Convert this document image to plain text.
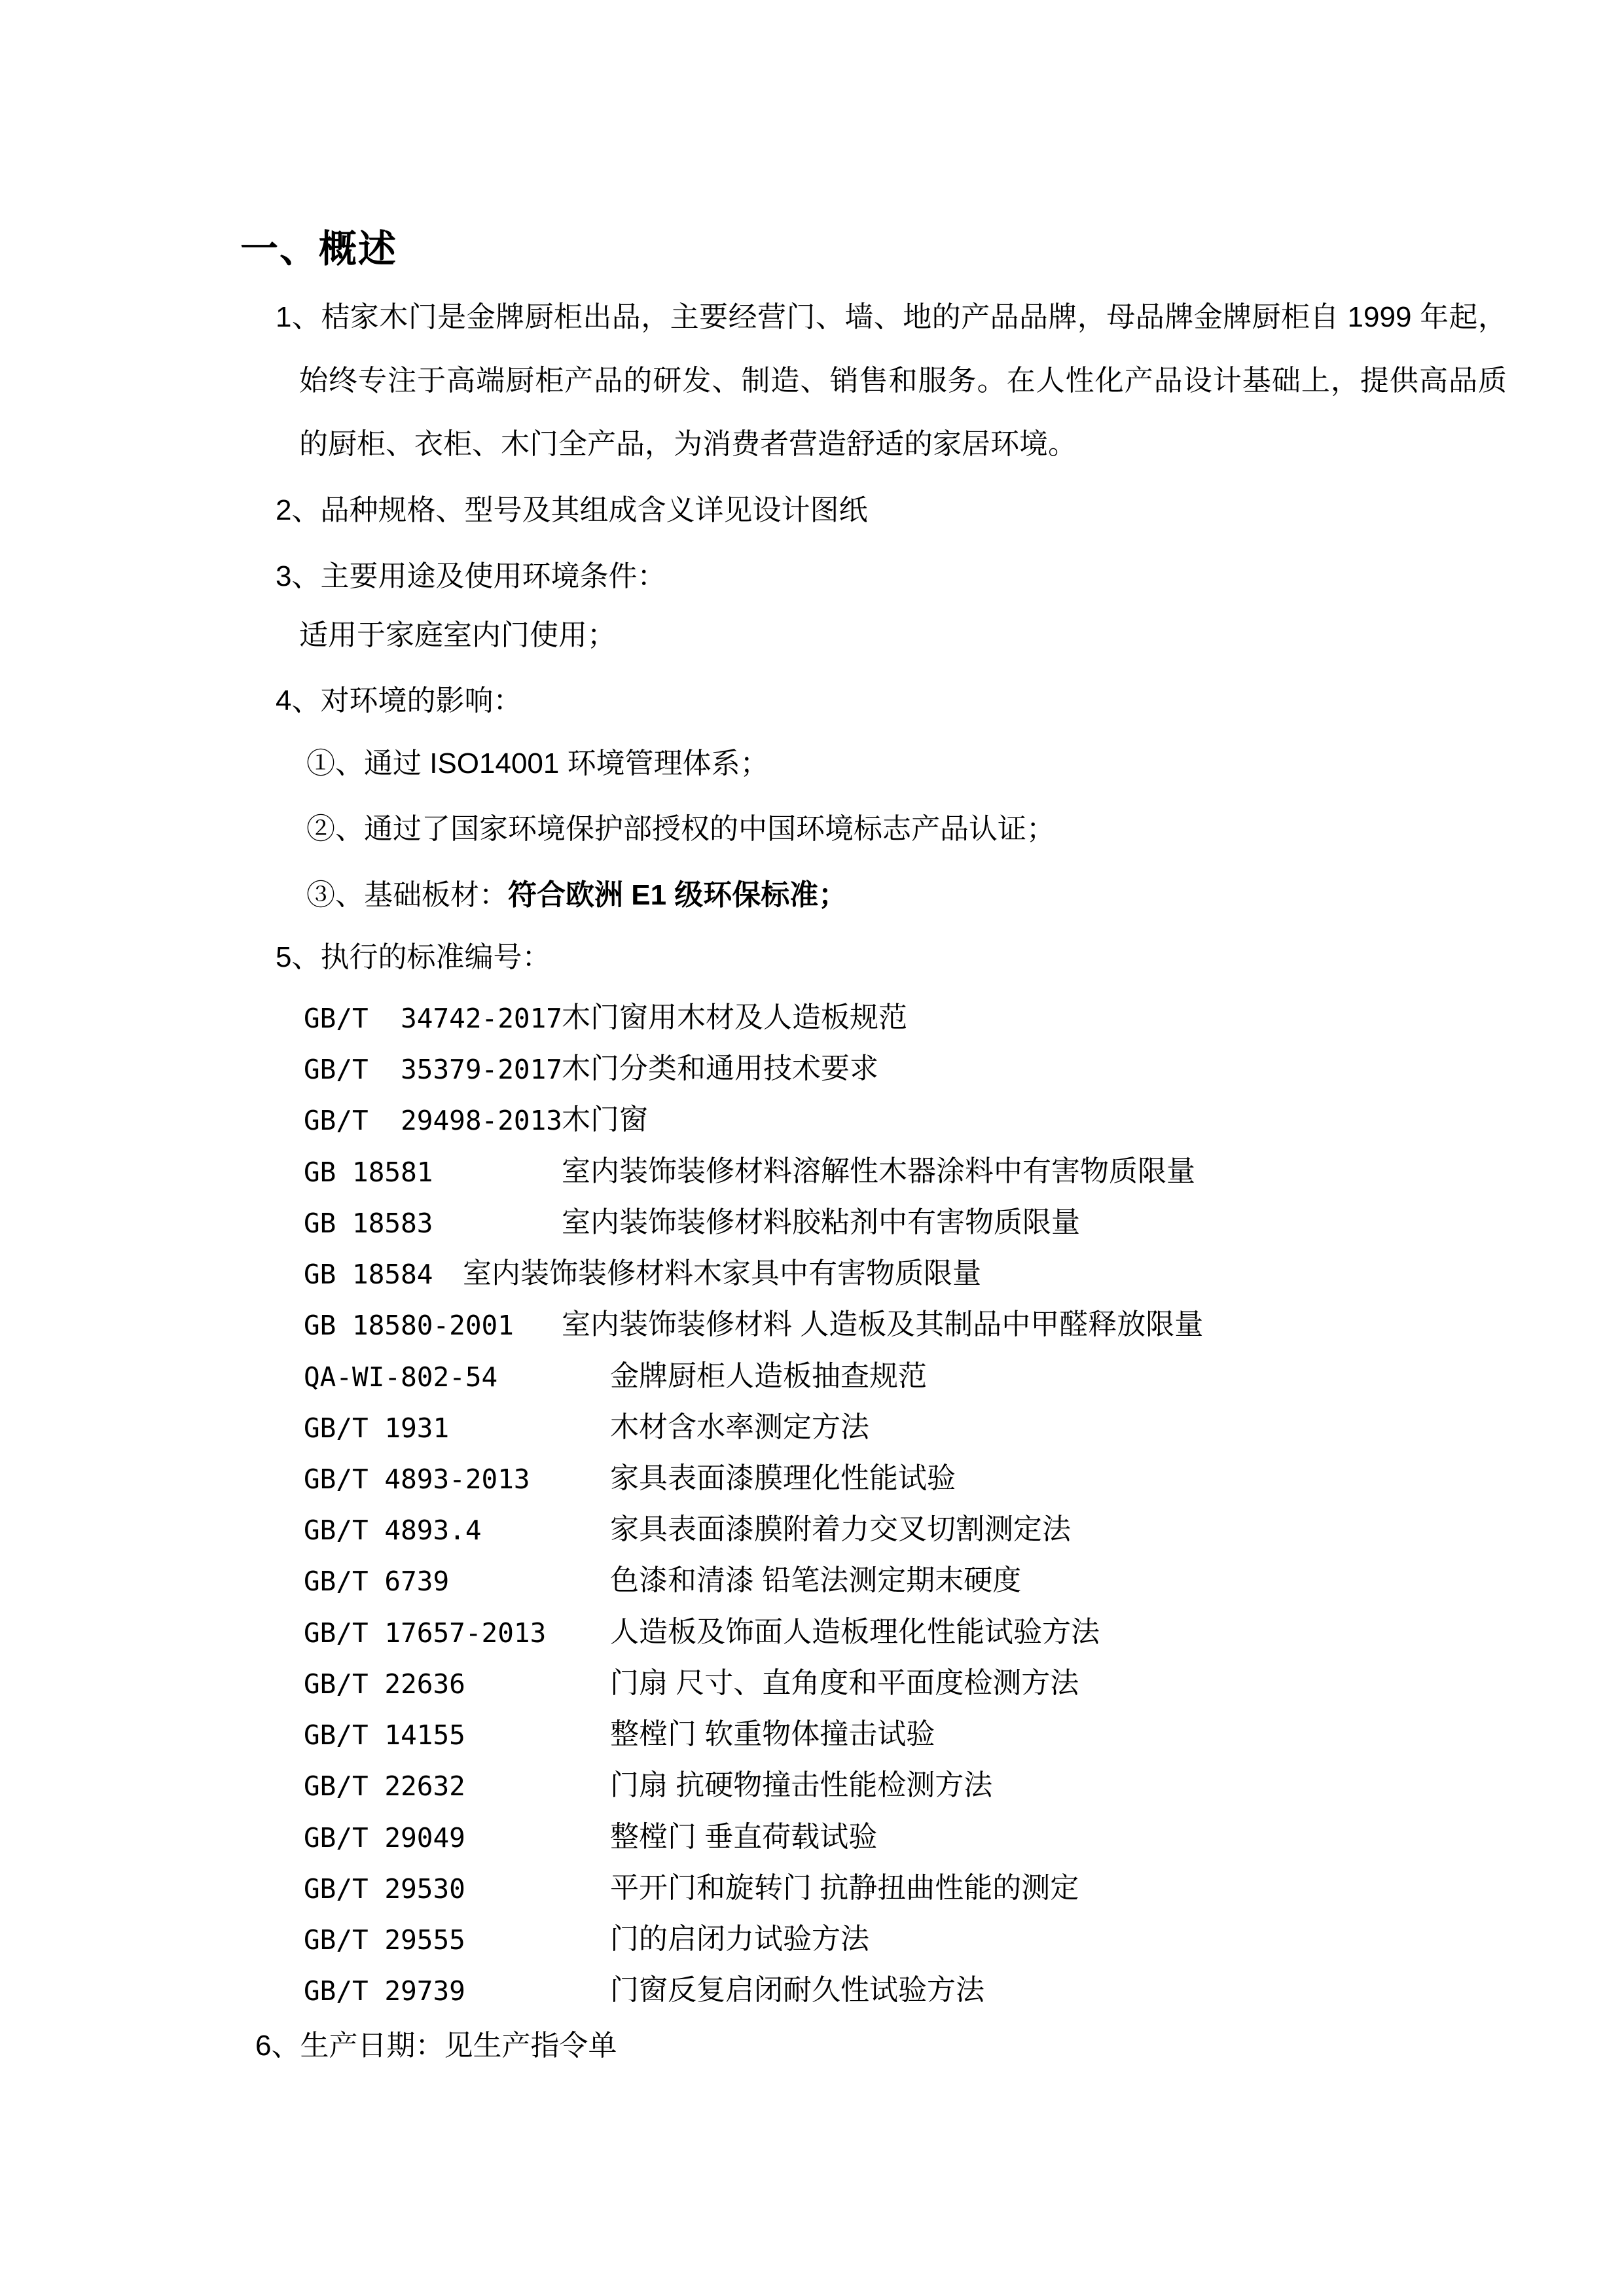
一、概述
1、桔家木门是金牌厨柜出品，主要经营门、墙、地的产品品牌，母品牌金牌厨柜自 1999 年起，始终专注于高端厨柜产品的研发、制造、销售和服务。在人性化产品设计基础上，提供高品质的厨柜、衣柜、木门全产品，为消费者营造舒适的家居环境。
2、品种规格、型号及其组成含义详见设计图纸
3、主要用途及使用环境条件：
适用于家庭室内门使用；
4、对环境的影响：
①、通过 ISO14001 环境管理体系；
②、通过了国家环境保护部授权的中国环境标志产品认证；
③、基础板材：符合欧洲 E1 级环保标准；
5、执行的标准编号：
GB/T  34742-2017 木门窗用木材及人造板规范
GB/T  35379-2017 木门分类和通用技术要求
GB/T  29498-2013 木门窗
GB 18581	室内装饰装修材料溶解性木器涂料中有害物质限量
GB 18583	室内装饰装修材料胶粘剂中有害物质限量
GB 18584 室内装饰装修材料木家具中有害物质限量
GB 18580-2001 室内装饰装修材料 人造板及其制品中甲醛释放限量
QA-WI-802-54	金牌厨柜人造板抽查规范
GB/T 1931	木材含水率测定方法
GB/T 4893-2013	家具表面漆膜理化性能试验
GB/T 4893.4	家具表面漆膜附着力交叉切割测定法
GB/T 6739	色漆和清漆 铅笔法测定期末硬度
GB/T 17657-2013 人造板及饰面人造板理化性能试验方法
GB/T 22636	门扇 尺寸、直角度和平面度检测方法
GB/T 14155	整樘门 软重物体撞击试验
GB/T 22632	门扇 抗硬物撞击性能检测方法
GB/T 29049	整樘门 垂直荷载试验
GB/T 29530	平开门和旋转门 抗静扭曲性能的测定
GB/T 29555	门的启闭力试验方法
GB/T 29739	门窗反复启闭耐久性试验方法
6、生产日期：见生产指令单
